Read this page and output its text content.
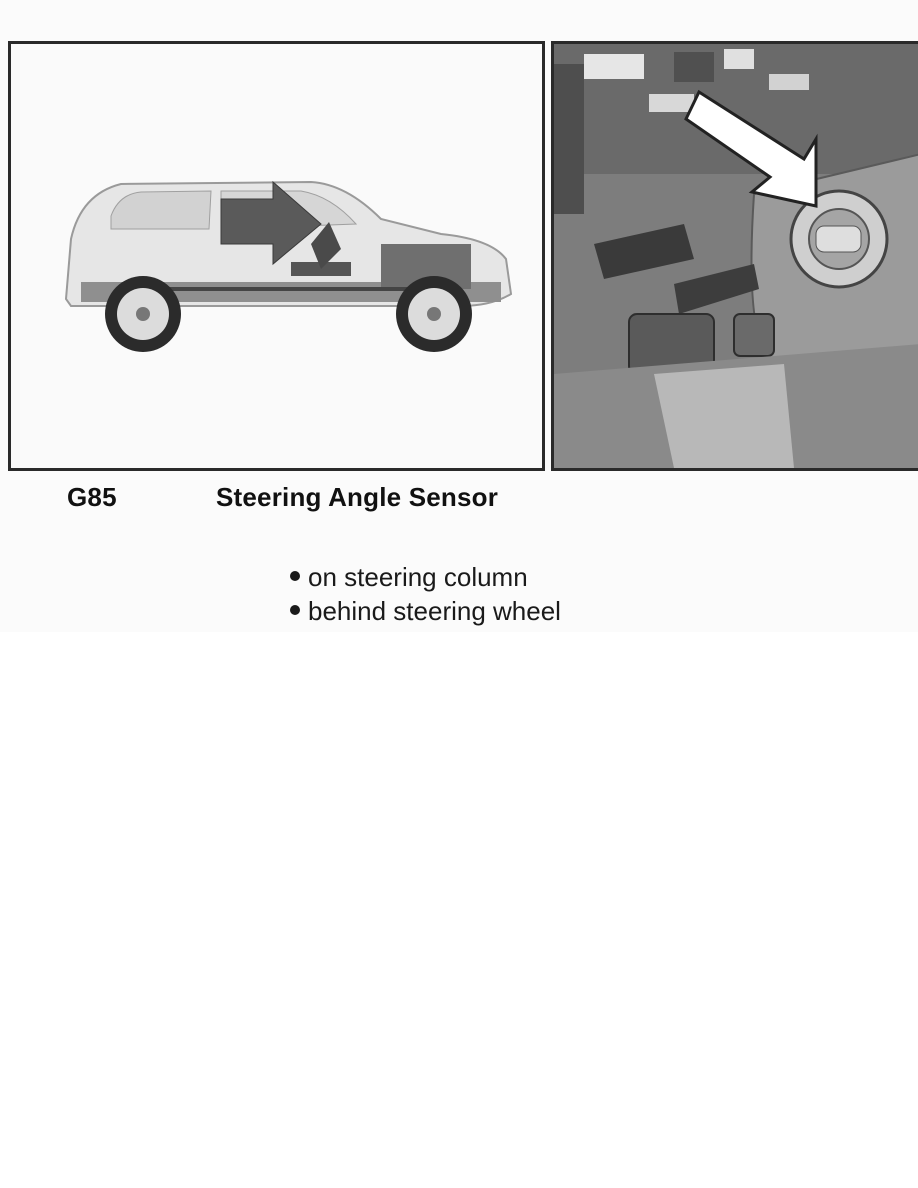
G85	Steering Angle Sensor
on steering column
behind steering wheel
